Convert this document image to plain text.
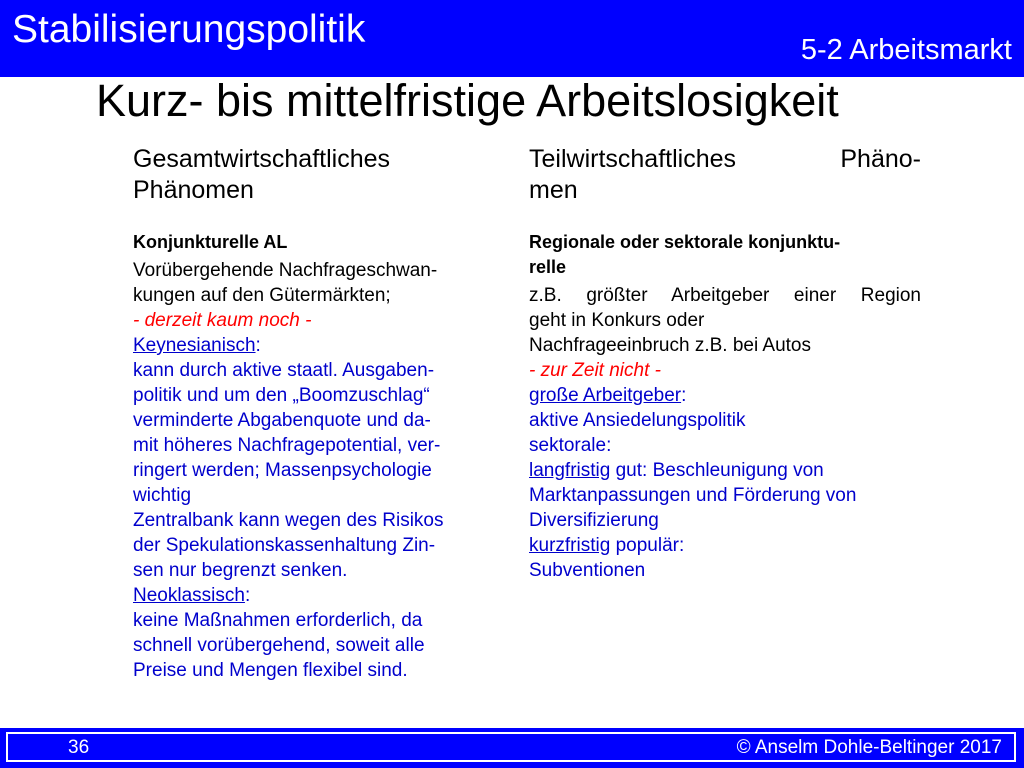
Stabilisierungspolitik	5-2 Arbeitsmarkt
Kurz- bis mittelfristige Arbeitslosigkeit
Gesamtwirtschaftliches
Phänomen
Konjunkturelle AL
Vorübergehende Nachfrageschwan-
kungen auf den Gütermärkten;
- derzeit kaum noch -
Keynesianisch:
kann durch aktive staatl. Ausgaben-
politik und um den „Boomzuschlag“
verminderte Abgabenquote und da-
mit höheres Nachfragepotential, ver-
ringert werden; Massenpsychologie
wichtig
Zentralbank kann wegen des Risikos
der Spekulationskassenhaltung Zin-
sen nur begrenzt senken.
Neoklassisch:
keine Maßnahmen erforderlich, da
schnell vorübergehend, soweit alle
Preise und Mengen flexibel sind.
Teilwirtschaftliches Phäno-
men
Regionale oder sektorale konjunktu-
relle
z.B. größter Arbeitgeber einer Region
geht in Konkurs oder
Nachfrageeinbruch z.B. bei Autos
- zur Zeit nicht -
große Arbeitgeber:
aktive Ansiedelungspolitik
sektorale:
langfristig gut: Beschleunigung von
Marktanpassungen und Förderung von
Diversifizierung
kurzfristig populär:
Subventionen
36	© Anselm Dohle-Beltinger 2017
